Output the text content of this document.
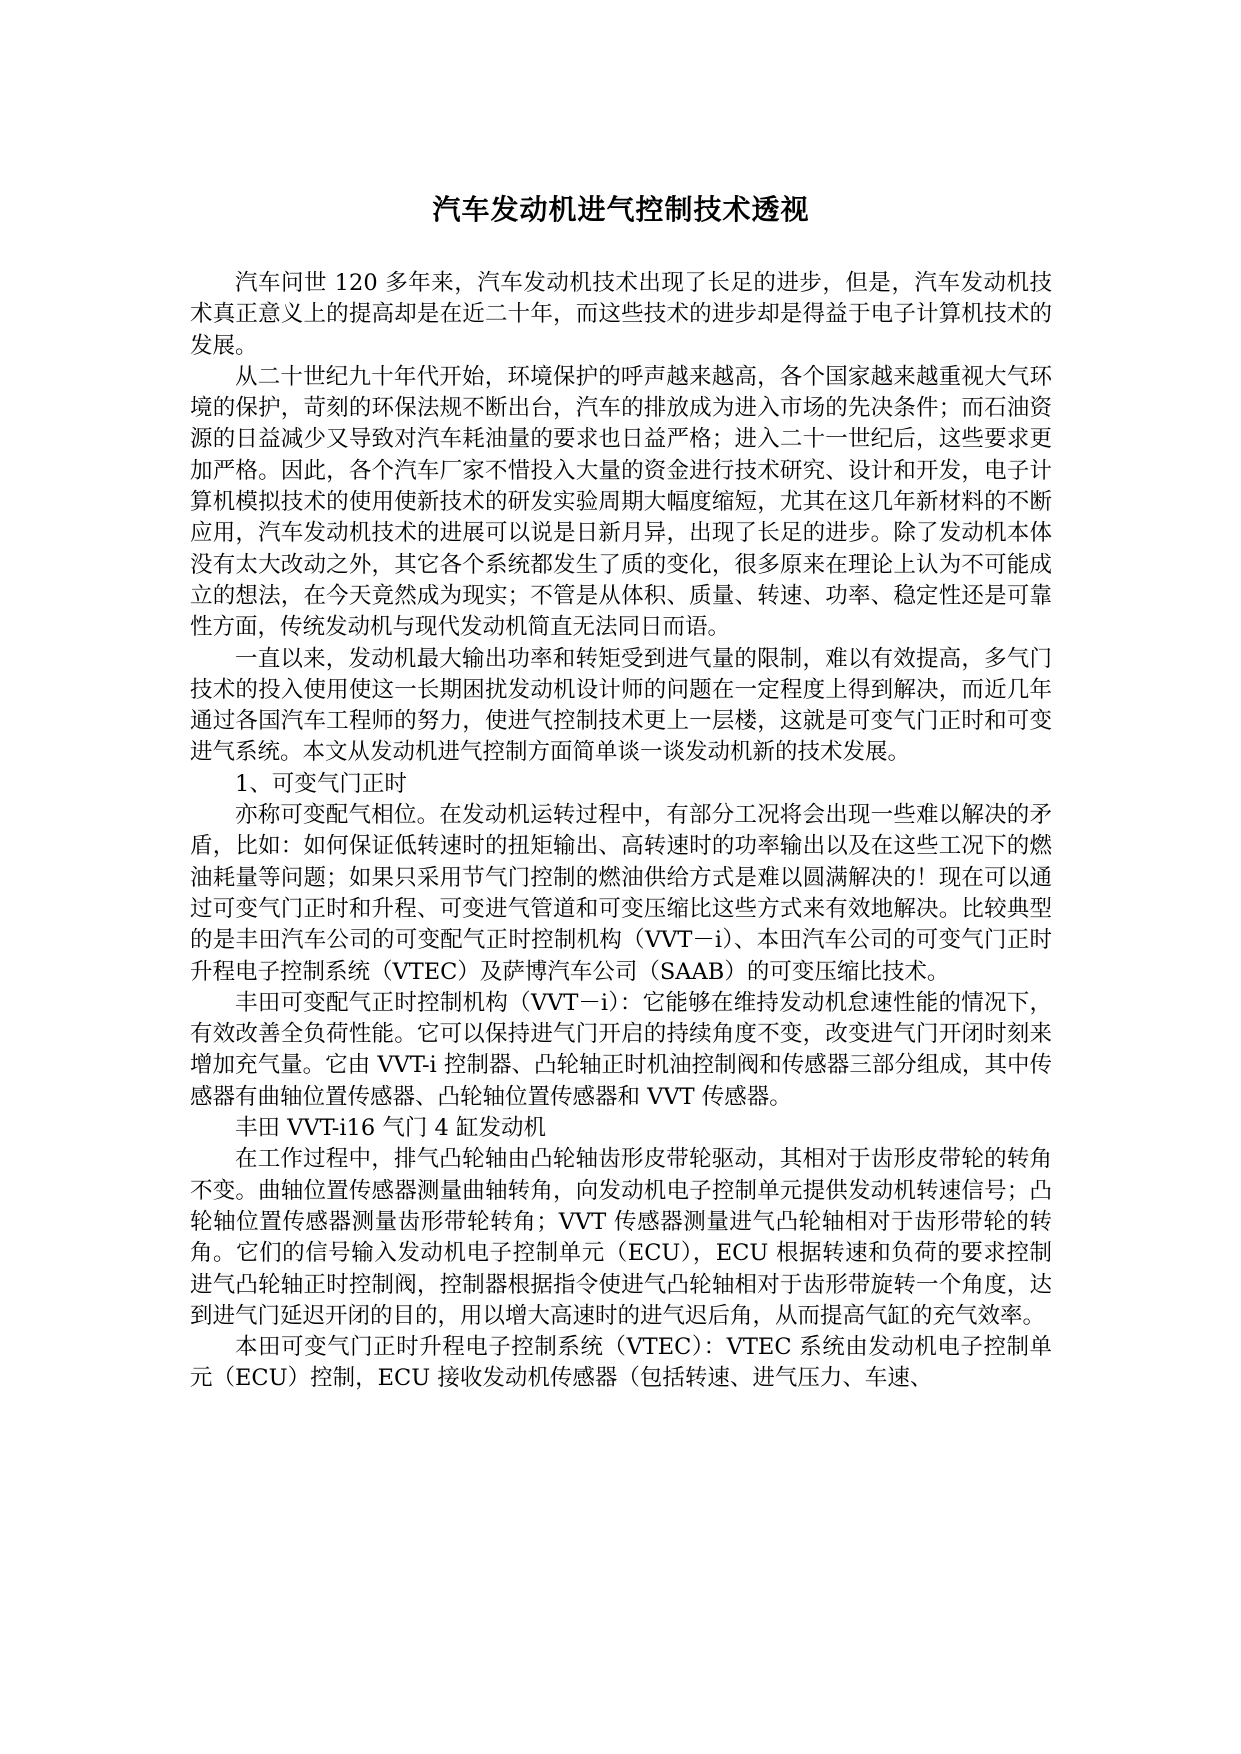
汽车发动机进气控制技术透视

汽车问世 120 多年来，汽车发动机技术出现了长足的进步，但是，汽车发动机技术真正意义上的提高却是在近二十年，而这些技术的进步却是得益于电子计算机技术的发展。

从二十世纪九十年代开始，环境保护的呼声越来越高，各个国家越来越重视大气环境的保护，苛刻的环保法规不断出台，汽车的排放成为进入市场的先决条件；而石油资源的日益减少又导致对汽车耗油量的要求也日益严格；进入二十一世纪后，这些要求更加严格。因此，各个汽车厂家不惜投入大量的资金进行技术研究、设计和开发，电子计算机模拟技术的使用使新技术的研发实验周期大幅度缩短，尤其在这几年新材料的不断应用，汽车发动机技术的进展可以说是日新月异，出现了长足的进步。除了发动机本体没有太大改动之外，其它各个系统都发生了质的变化，很多原来在理论上认为不可能成立的想法，在今天竟然成为现实；不管是从体积、质量、转速、功率、稳定性还是可靠性方面，传统发动机与现代发动机简直无法同日而语。

一直以来，发动机最大输出功率和转矩受到进气量的限制，难以有效提高，多气门技术的投入使用使这一长期困扰发动机设计师的问题在一定程度上得到解决，而近几年通过各国汽车工程师的努力，使进气控制技术更上一层楼，这就是可变气门正时和可变进气系统。本文从发动机进气控制方面简单谈一谈发动机新的技术发展。

1、可变气门正时

亦称可变配气相位。在发动机运转过程中，有部分工况将会出现一些难以解决的矛盾，比如：如何保证低转速时的扭矩输出、高转速时的功率输出以及在这些工况下的燃油耗量等问题；如果只采用节气门控制的燃油供给方式是难以圆满解决的！现在可以通过可变气门正时和升程、可变进气管道和可变压缩比这些方式来有效地解决。比较典型的是丰田汽车公司的可变配气正时控制机构（VVT－i）、本田汽车公司的可变气门正时升程电子控制系统（VTEC）及萨博汽车公司（SAAB）的可变压缩比技术。

丰田可变配气正时控制机构（VVT－i）：它能够在维持发动机怠速性能的情况下，有效改善全负荷性能。它可以保持进气门开启的持续角度不变，改变进气门开闭时刻来增加充气量。它由 VVT-i 控制器、凸轮轴正时机油控制阀和传感器三部分组成，其中传感器有曲轴位置传感器、凸轮轴位置传感器和 VVT 传感器。

丰田 VVT-i16 气门 4 缸发动机

在工作过程中，排气凸轮轴由凸轮轴齿形皮带轮驱动，其相对于齿形皮带轮的转角不变。曲轴位置传感器测量曲轴转角，向发动机电子控制单元提供发动机转速信号；凸轮轴位置传感器测量齿形带轮转角；VVT 传感器测量进气凸轮轴相对于齿形带轮的转角。它们的信号输入发动机电子控制单元（ECU），ECU 根据转速和负荷的要求控制进气凸轮轴正时控制阀，控制器根据指令使进气凸轮轴相对于齿形带旋转一个角度，达到进气门延迟开闭的目的，用以增大高速时的进气迟后角，从而提高气缸的充气效率。

本田可变气门正时升程电子控制系统（VTEC）：VTEC 系统由发动机电子控制单元（ECU）控制，ECU 接收发动机传感器（包括转速、进气压力、车速、
